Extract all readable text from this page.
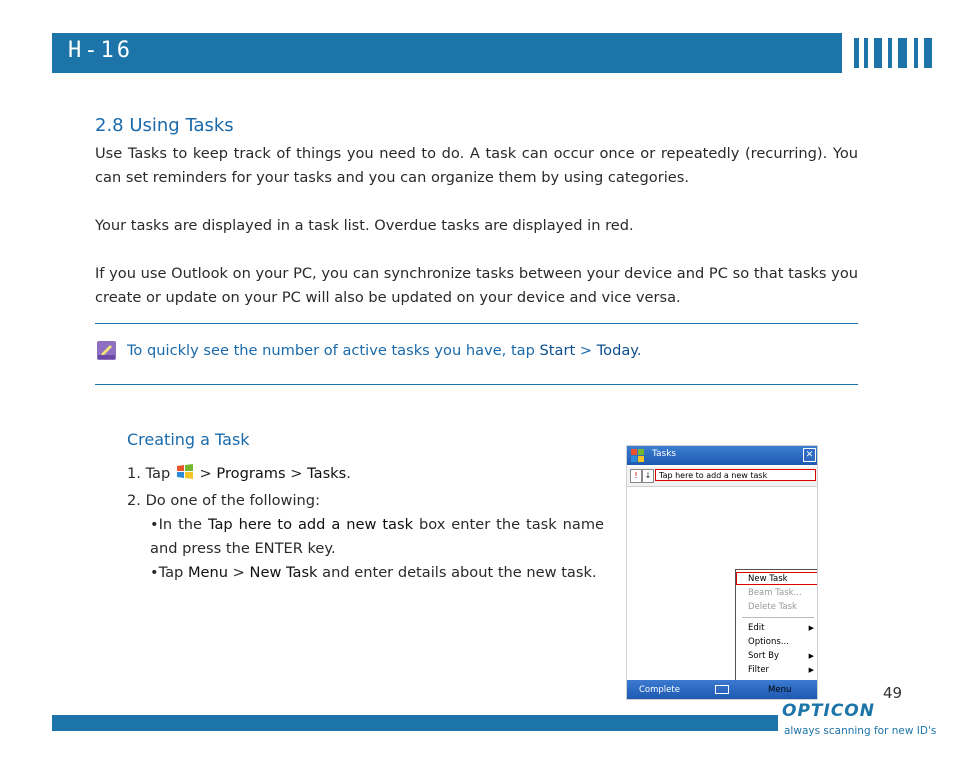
H-16
2.8 Using Tasks
Use Tasks to keep track of things you need to do. A task can occur once or repeatedly (recurring). You can set reminders for your tasks and you can organize them by using categories.
Your tasks are displayed in a task list. Overdue tasks are displayed in red.
If you use Outlook on your PC, you can synchronize tasks between your device and PC so that tasks you create or update on your PC will also be updated on your device and vice versa.
To quickly see the number of active tasks you have, tap Start > Today.
Creating a Task
1. Tap  > Programs > Tasks.
2. Do one of the following:
•In the Tap here to add a new task box enter the task name and press the ENTER key.
•Tap Menu > New Task and enter details about the new task.
Tasks	✕
! ↓ Tap here to add a new task
New Task
Beam Task...
Delete Task
Edit	▶
Options...
Sort By	▶
Filter	▶
Complete	Menu	49
OPTICON
always scanning for new ID's
